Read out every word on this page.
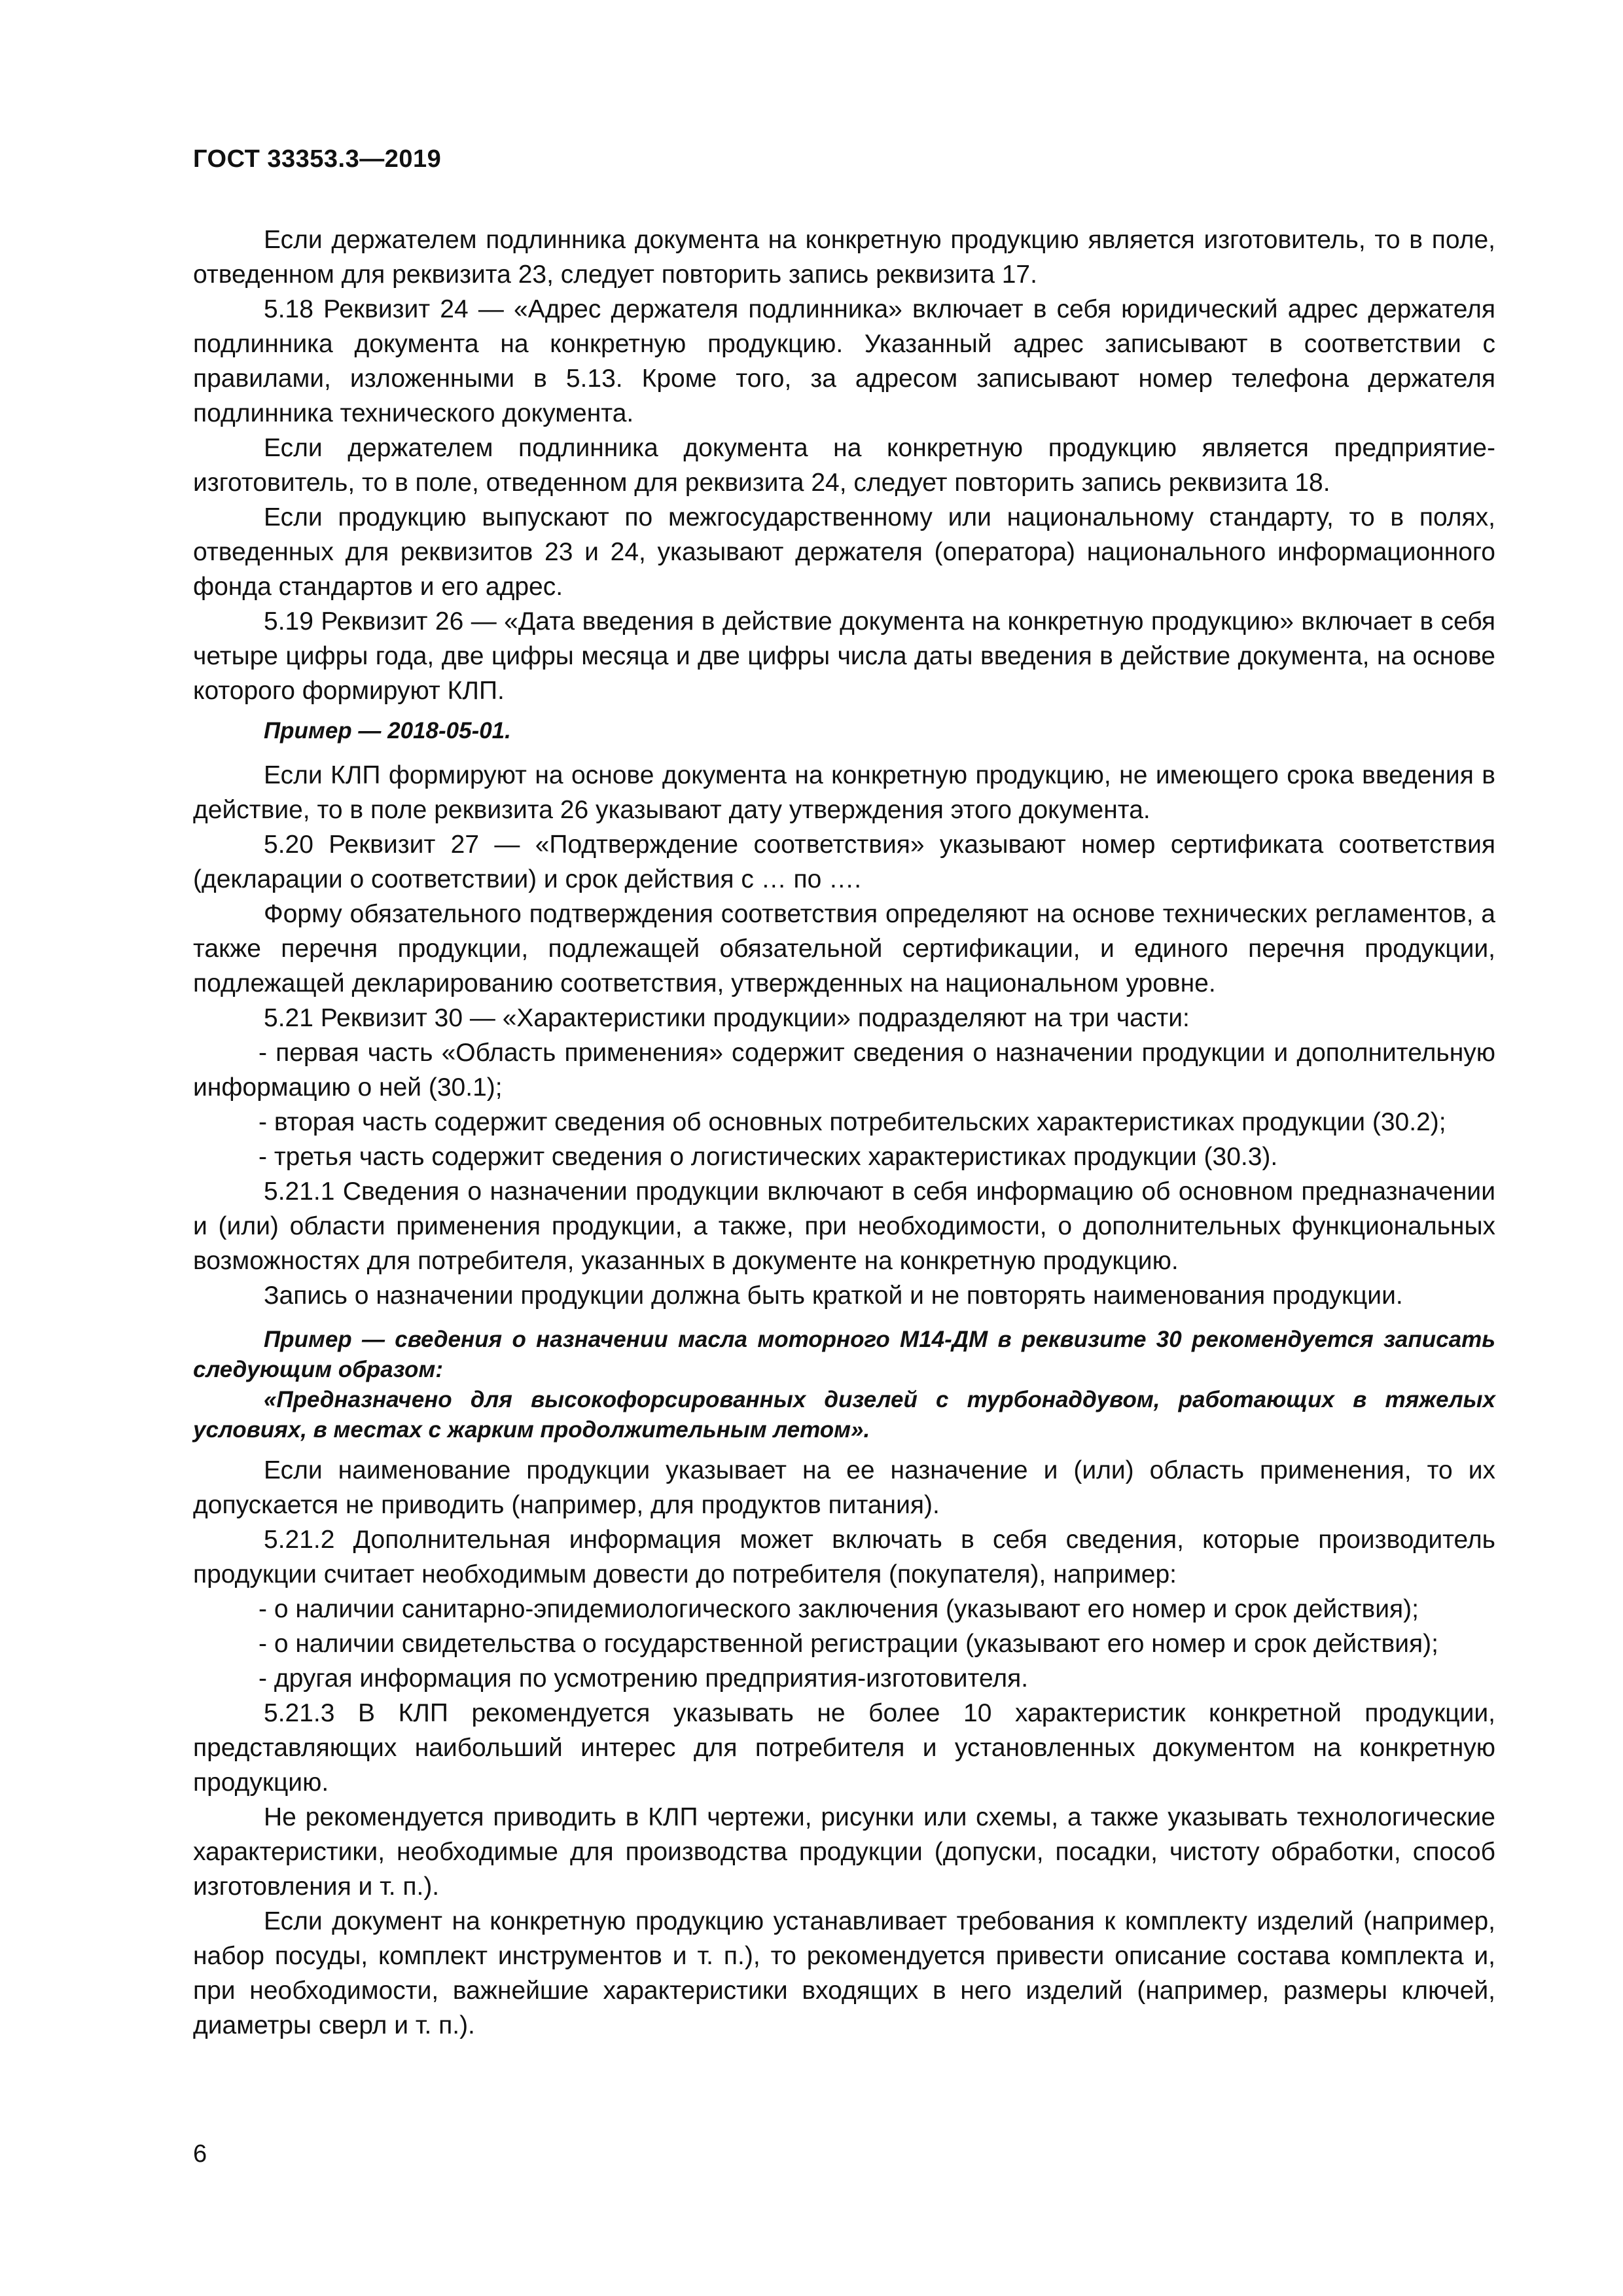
ГОСТ 33353.3—2019

Если держателем подлинника документа на конкретную продукцию является изготовитель, то в поле, отведенном для реквизита 23, следует повторить запись реквизита 17.

5.18 Реквизит 24 — «Адрес держателя подлинника» включает в себя юридический адрес держателя подлинника документа на конкретную продукцию. Указанный адрес записывают в соответствии с правилами, изложенными в 5.13. Кроме того, за адресом записывают номер телефона держателя подлинника технического документа.

Если держателем подлинника документа на конкретную продукцию является предприятие-изготовитель, то в поле, отведенном для реквизита 24, следует повторить запись реквизита 18.

Если продукцию выпускают по межгосударственному или национальному стандарту, то в полях, отведенных для реквизитов 23 и 24, указывают держателя (оператора) национального информационного фонда стандартов и его адрес.

5.19 Реквизит 26 — «Дата введения в действие документа на конкретную продукцию» включает в себя четыре цифры года, две цифры месяца и две цифры числа даты введения в действие документа, на основе которого формируют КЛП.

Пример — 2018-05-01.

Если КЛП формируют на основе документа на конкретную продукцию, не имеющего срока введения в действие, то в поле реквизита 26 указывают дату утверждения этого документа.

5.20 Реквизит 27 — «Подтверждение соответствия» указывают номер сертификата соответствия (декларации о соответствии) и срок действия с … по ….

Форму обязательного подтверждения соответствия определяют на основе технических регламентов, а также перечня продукции, подлежащей обязательной сертификации, и единого перечня продукции, подлежащей декларированию соответствия, утвержденных на национальном уровне.

5.21 Реквизит 30 — «Характеристики продукции» подразделяют на три части:

- первая часть «Область применения» содержит сведения о назначении продукции и дополнительную информацию о ней (30.1);

- вторая часть содержит сведения об основных потребительских характеристиках продукции (30.2);

- третья часть содержит сведения о логистических характеристиках продукции (30.3).

5.21.1 Сведения о назначении продукции включают в себя информацию об основном предназначении и (или) области применения продукции, а также, при необходимости, о дополнительных функциональных возможностях для потребителя, указанных в документе на конкретную продукцию.

Запись о назначении продукции должна быть краткой и не повторять наименования продукции.

Пример — сведения о назначении масла моторного М14-ДМ в реквизите 30 рекомендуется записать следующим образом:

«Предназначено для высокофорсированных дизелей с турбонаддувом, работающих в тяжелых условиях, в местах с жарким продолжительным летом».

Если наименование продукции указывает на ее назначение и (или) область применения, то их допускается не приводить (например, для продуктов питания).

5.21.2 Дополнительная информация может включать в себя сведения, которые производитель продукции считает необходимым довести до потребителя (покупателя), например:

- о наличии санитарно-эпидемиологического заключения (указывают его номер и срок действия);

- о наличии свидетельства о государственной регистрации (указывают его номер и срок действия);

- другая информация по усмотрению предприятия-изготовителя.

5.21.3 В КЛП рекомендуется указывать не более 10 характеристик конкретной продукции, представляющих наибольший интерес для потребителя и установленных документом на конкретную продукцию.

Не рекомендуется приводить в КЛП чертежи, рисунки или схемы, а также указывать технологические характеристики, необходимые для производства продукции (допуски, посадки, чистоту обработки, способ изготовления и т. п.).

Если документ на конкретную продукцию устанавливает требования к комплекту изделий (например, набор посуды, комплект инструментов и т. п.), то рекомендуется привести описание состава комплекта и, при необходимости, важнейшие характеристики входящих в него изделий (например, размеры ключей, диаметры сверл и т. п.).

6
